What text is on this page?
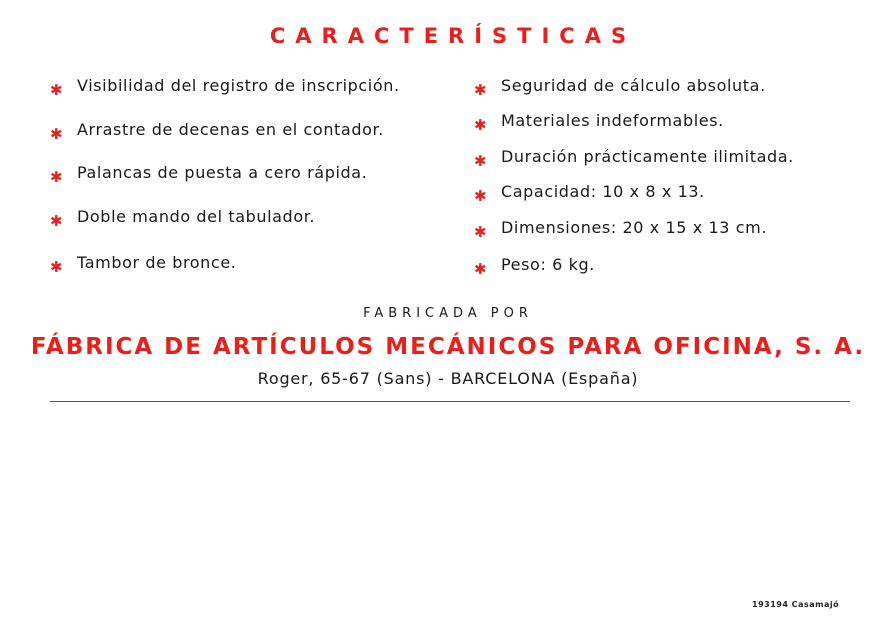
CARACTERÍSTICAS
✱ Visibilidad del registro de inscripción.
✱ Arrastre de decenas en el contador.
✱ Palancas de puesta a cero rápida.
✱ Doble mando del tabulador.
✱ Tambor de bronce.
✱ Seguridad de cálculo absoluta.
✱ Materiales indeformables.
✱ Duración prácticamente ilimitada.
✱ Capacidad: 10 x 8 x 13.
✱ Dimensiones: 20 x 15 x 13 cm.
✱ Peso: 6 kg.
FABRICADA POR
FÁBRICA DE ARTÍCULOS MECÁNICOS PARA OFICINA, S. A.
Roger, 65-67 (Sans) - BARCELONA (España)
193194 Casamajó
